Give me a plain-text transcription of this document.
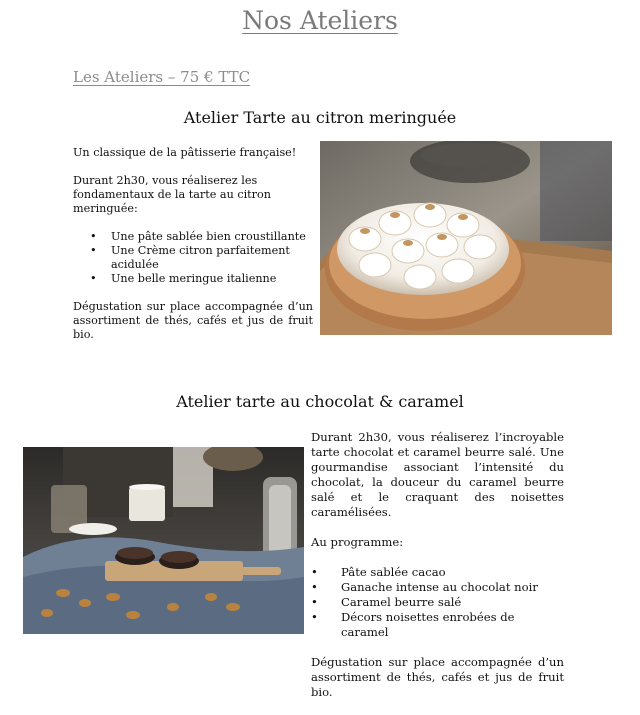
Nos Ateliers
Les Ateliers – 75 € TTC
Atelier Tarte au citron meringuée

Un classique de la pâtisserie française!

Durant 2h30, vous réaliserez les fondamentaux de la tarte au citron meringuée:

• Une pâte sablée bien croustillante
• Une Crème citron parfaitement acidulée
• Une belle meringue italienne

Dégustation sur place accompagnée d’un assortiment de thés, cafés et jus de fruit bio.

Atelier tarte au chocolat & caramel

Durant 2h30, vous réaliserez l’incroyable tarte chocolat et caramel beurre salé. Une gourmandise associant l’intensité du chocolat, la douceur du caramel beurre salé et le craquant des noisettes caramélisées.

Au programme:

• Pâte sablée cacao
• Ganache intense au chocolat noir
• Caramel beurre salé
• Décors noisettes enrobées de caramel

Dégustation sur place accompagnée d’un assortiment de thés, cafés et jus de fruit bio.
